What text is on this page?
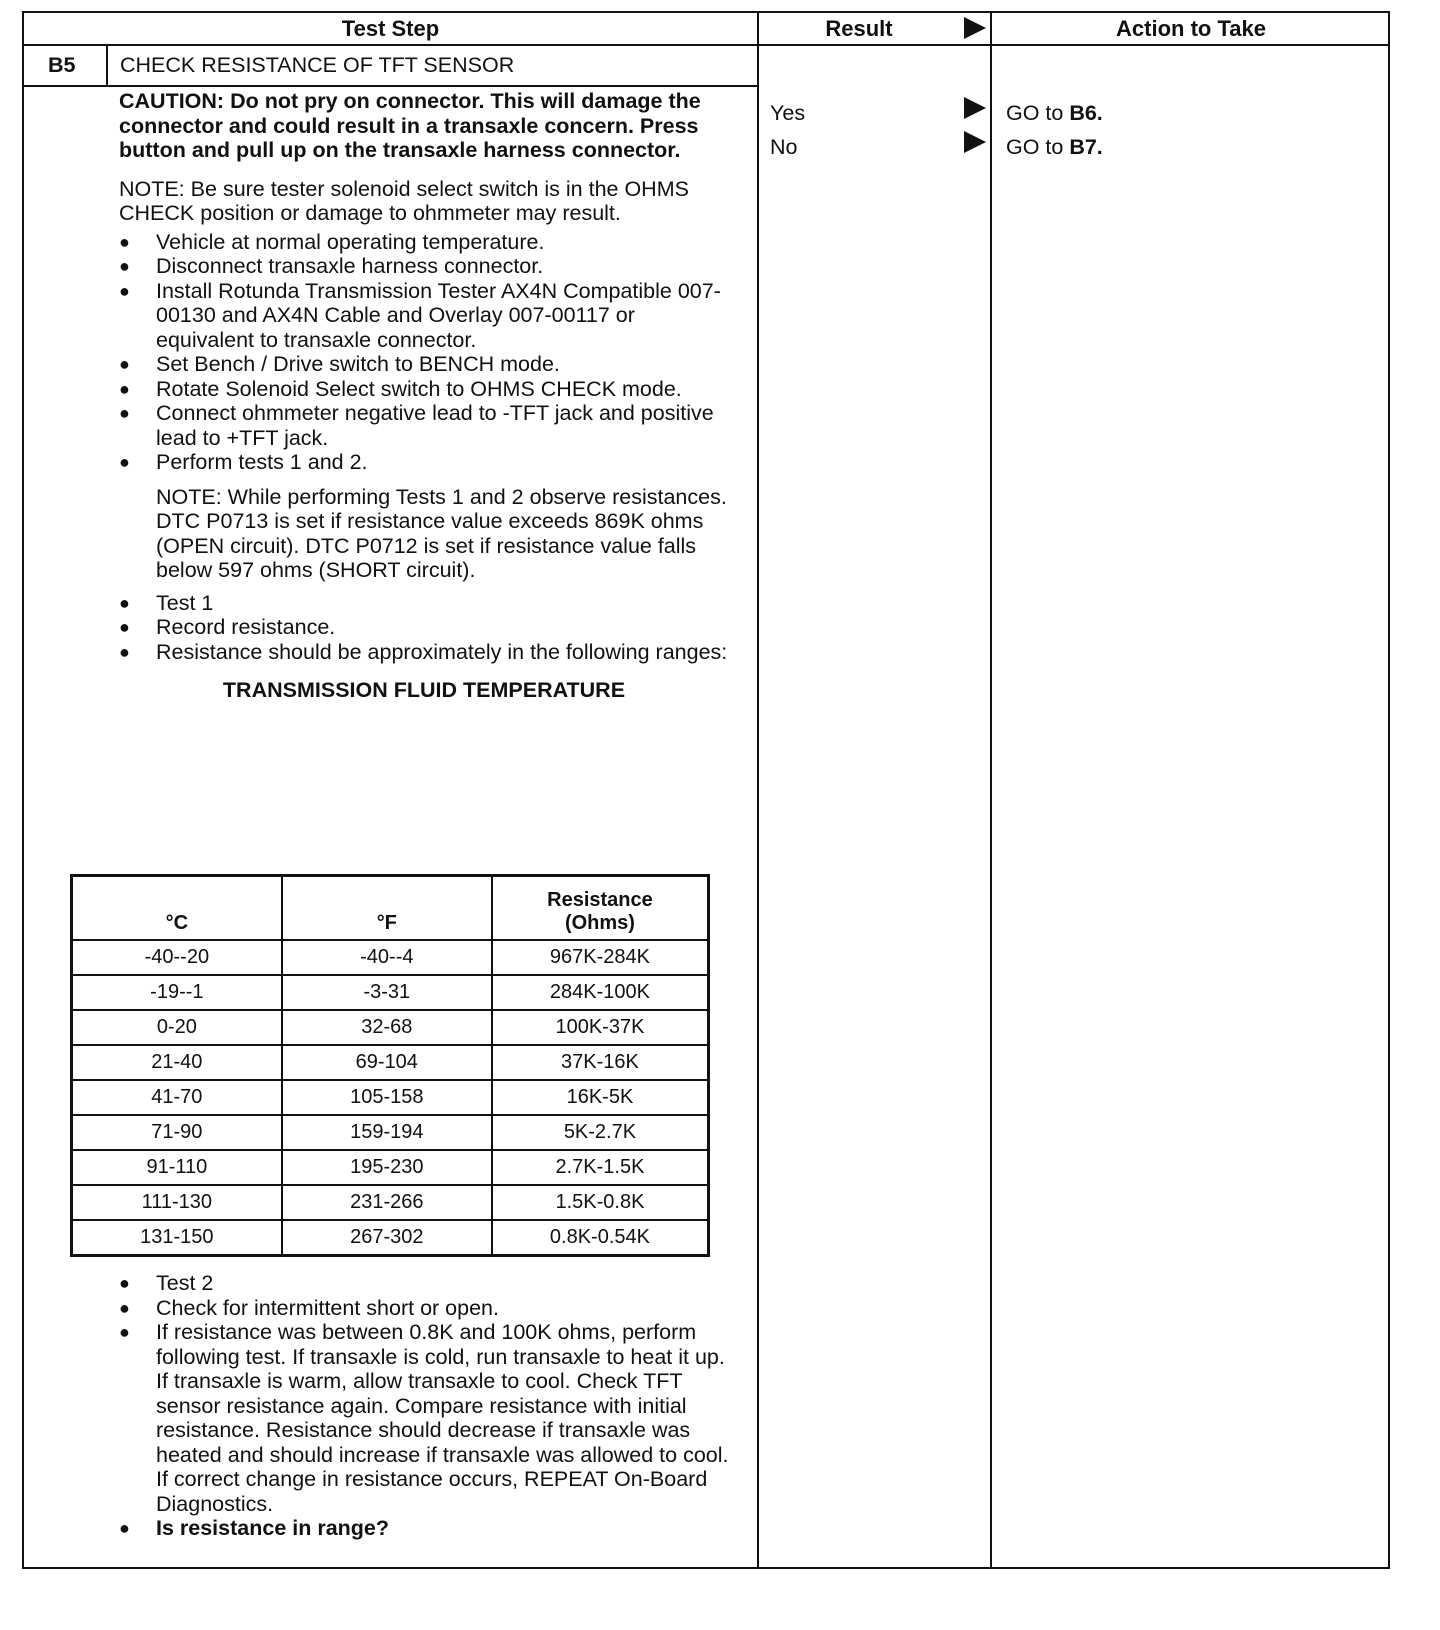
Test Step	Result	Action to Take
B5 CHECK RESISTANCE OF TFT SENSOR
Yes	GO to B6.
No	GO to B7.
CAUTION: Do not pry on connector. This will damage the connector and could result in a transaxle concern. Press button and pull up on the transaxle harness connector.
NOTE: Be sure tester solenoid select switch is in the OHMS CHECK position or damage to ohmmeter may result.
● Vehicle at normal operating temperature.
● Disconnect transaxle harness connector.
● Install Rotunda Transmission Tester AX4N Compatible 007-00130 and AX4N Cable and Overlay 007-00117 or equivalent to transaxle connector.
● Set Bench / Drive switch to BENCH mode.
● Rotate Solenoid Select switch to OHMS CHECK mode.
● Connect ohmmeter negative lead to -TFT jack and positive lead to +TFT jack.
● Perform tests 1 and 2.
NOTE: While performing Tests 1 and 2 observe resistances. DTC P0713 is set if resistance value exceeds 869K ohms (OPEN circuit). DTC P0712 is set if resistance value falls below 597 ohms (SHORT circuit).
● Test 1
● Record resistance.
● Resistance should be approximately in the following ranges:
TRANSMISSION FLUID TEMPERATURE
°C	°F	Resistance (Ohms)
-40--20	-40--4	967K-284K
-19--1	-3-31	284K-100K
0-20	32-68	100K-37K
21-40	69-104	37K-16K
41-70	105-158	16K-5K
71-90	159-194	5K-2.7K
91-110	195-230	2.7K-1.5K
111-130	231-266	1.5K-0.8K
131-150	267-302	0.8K-0.54K
● Test 2
● Check for intermittent short or open.
● If resistance was between 0.8K and 100K ohms, perform following test. If transaxle is cold, run transaxle to heat it up. If transaxle is warm, allow transaxle to cool. Check TFT sensor resistance again. Compare resistance with initial resistance. Resistance should decrease if transaxle was heated and should increase if transaxle was allowed to cool. If correct change in resistance occurs, REPEAT On-Board Diagnostics.
● Is resistance in range?
